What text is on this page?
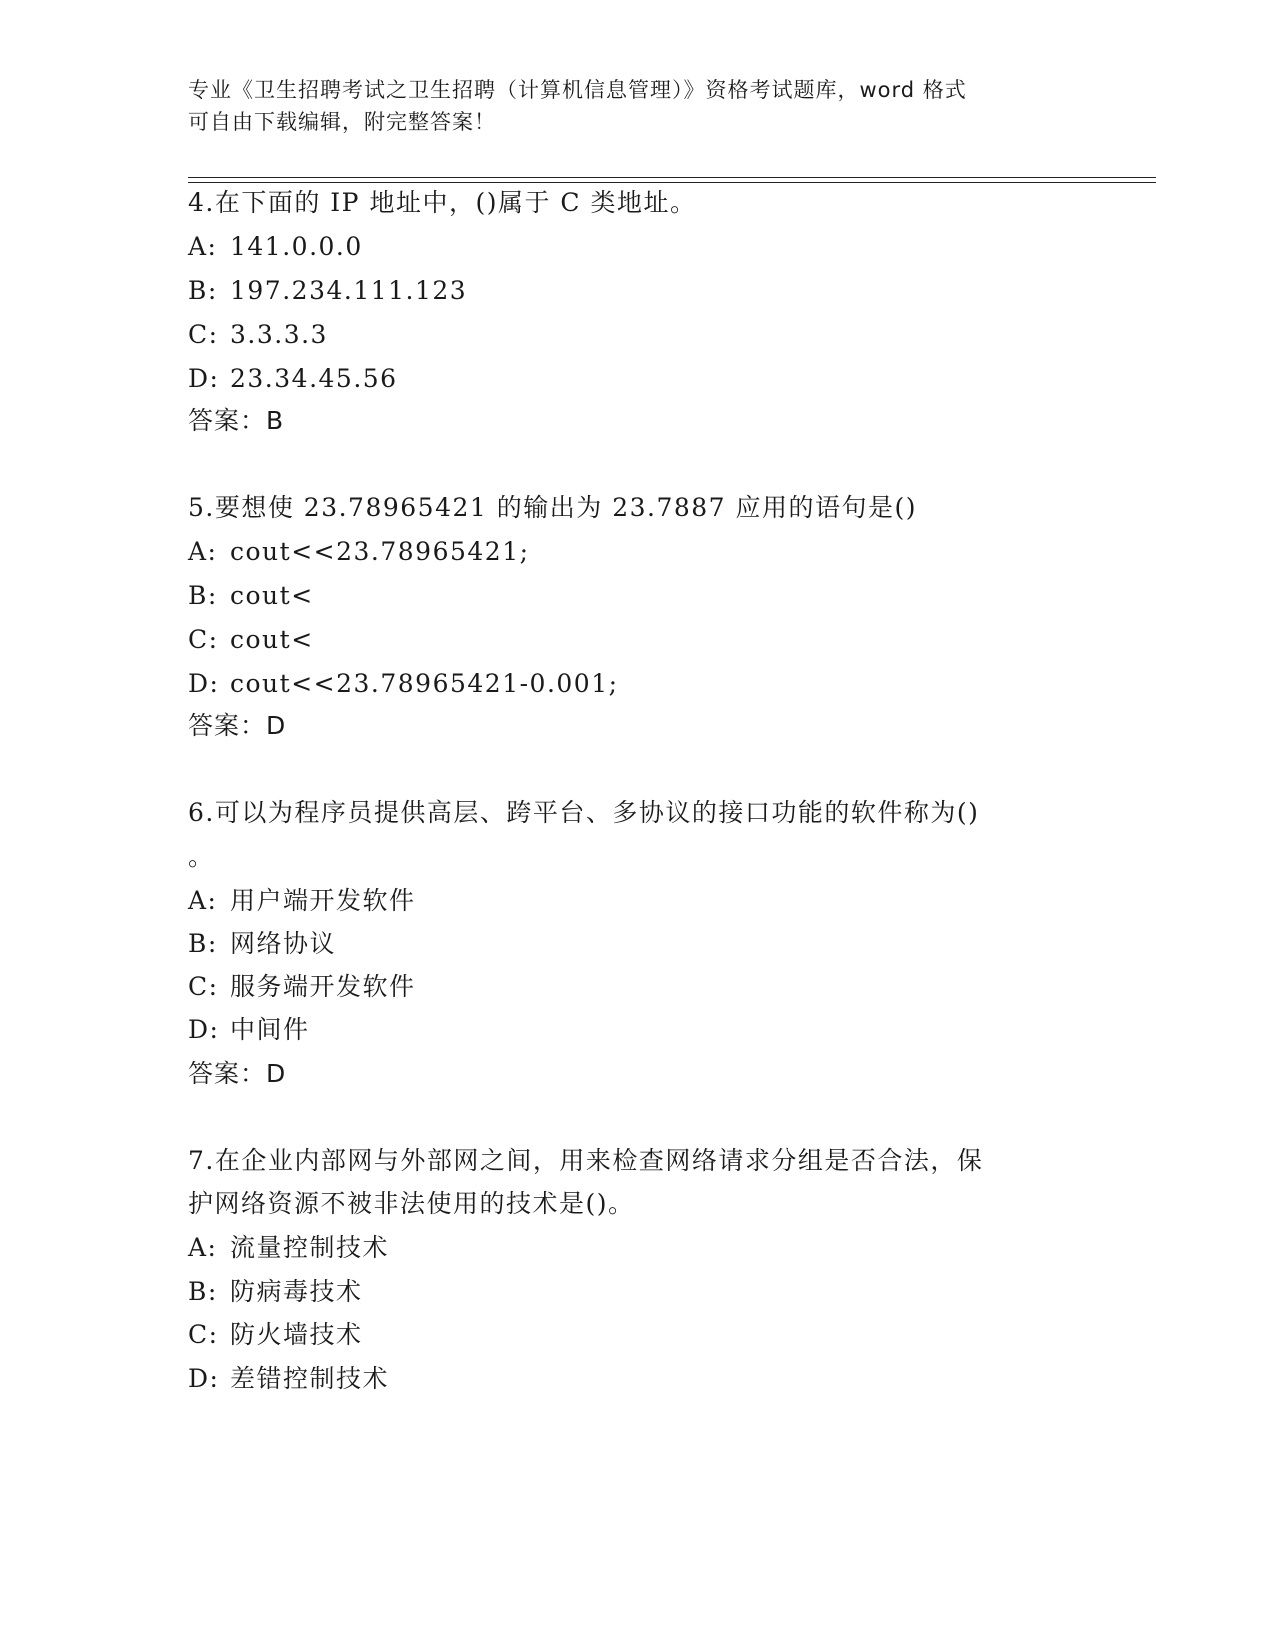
专业《卫生招聘考试之卫生招聘（计算机信息管理）》资格考试题库，word 格式
可自由下载编辑，附完整答案！
4.在下面的 IP 地址中，()属于 C 类地址。
A: 141.0.0.0
B: 197.234.111.123
C: 3.3.3.3
D: 23.34.45.56
答案：B
5.要想使 23.78965421 的输出为 23.7887 应用的语句是()
A: cout<<23.78965421;
B: cout<
C: cout<
D: cout<<23.78965421-0.001;
答案：D
6.可以为程序员提供高层、跨平台、多协议的接口功能的软件称为()
。
A: 用户端开发软件
B: 网络协议
C: 服务端开发软件
D: 中间件
答案：D
7.在企业内部网与外部网之间，用来检查网络请求分组是否合法，保
护网络资源不被非法使用的技术是()。
A: 流量控制技术
B: 防病毒技术
C: 防火墙技术
D: 差错控制技术
